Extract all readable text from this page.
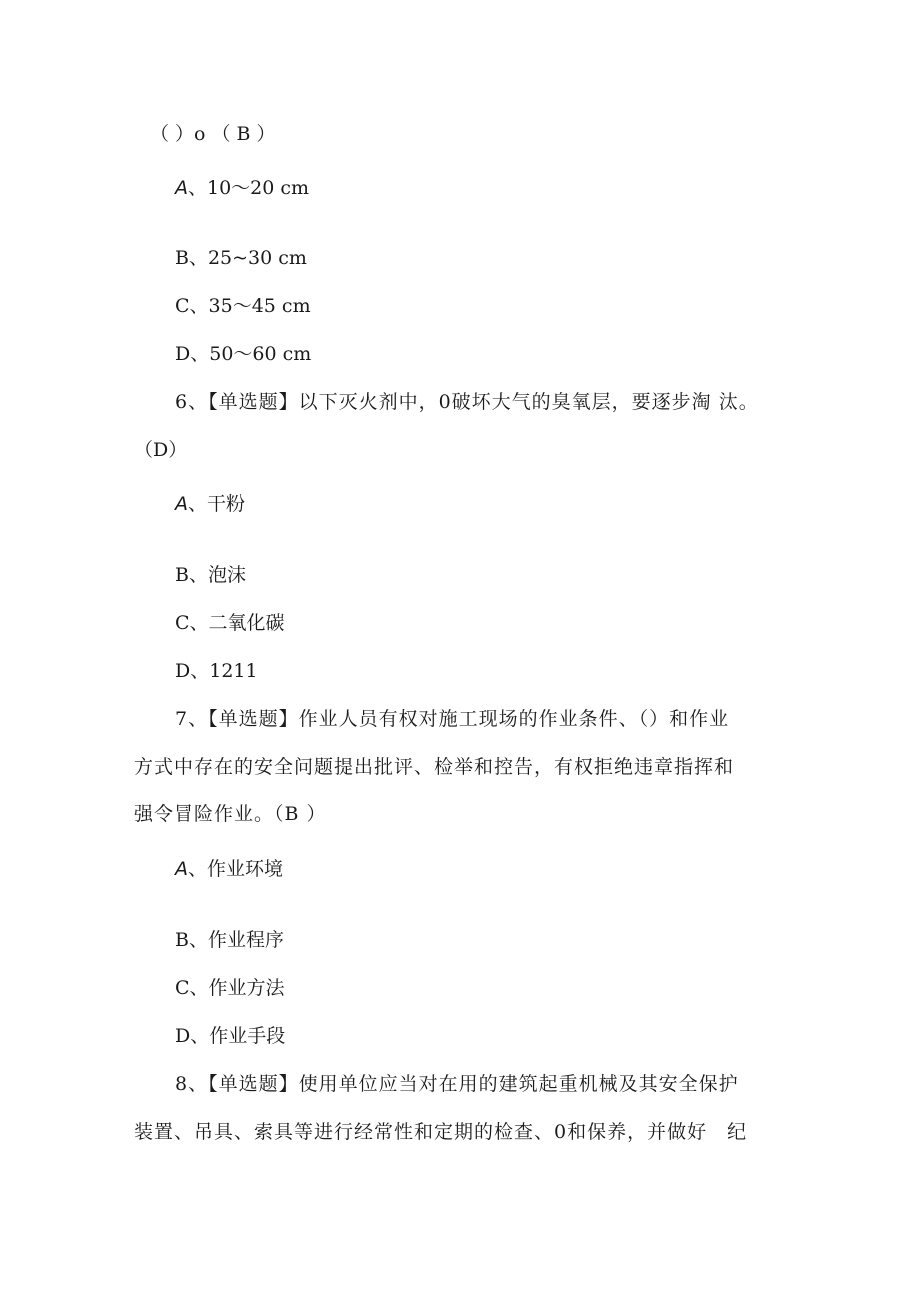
（ ）o （ B ）
A、10～20 cm
B、25~30 cm
C、35～45 cm
D、50～60 cm
6、【单选题】以下灭火剂中，0破坏大气的臭氧层，要逐步淘 汰。
（D）
A、干粉
B、泡沫
C、二氧化碳
D、1211
7、【单选题】作业人员有权对施工现场的作业条件、（）和作业
方式中存在的安全问题提出批评、检举和控告，有权拒绝违章指挥和
强令冒险作业。（B ）
A、作业环境
B、作业程序
C、作业方法
D、作业手段
8、【单选题】使用单位应当对在用的建筑起重机械及其安全保护
装置、吊具、索具等进行经常性和定期的检查、0和保养，并做好　纪
